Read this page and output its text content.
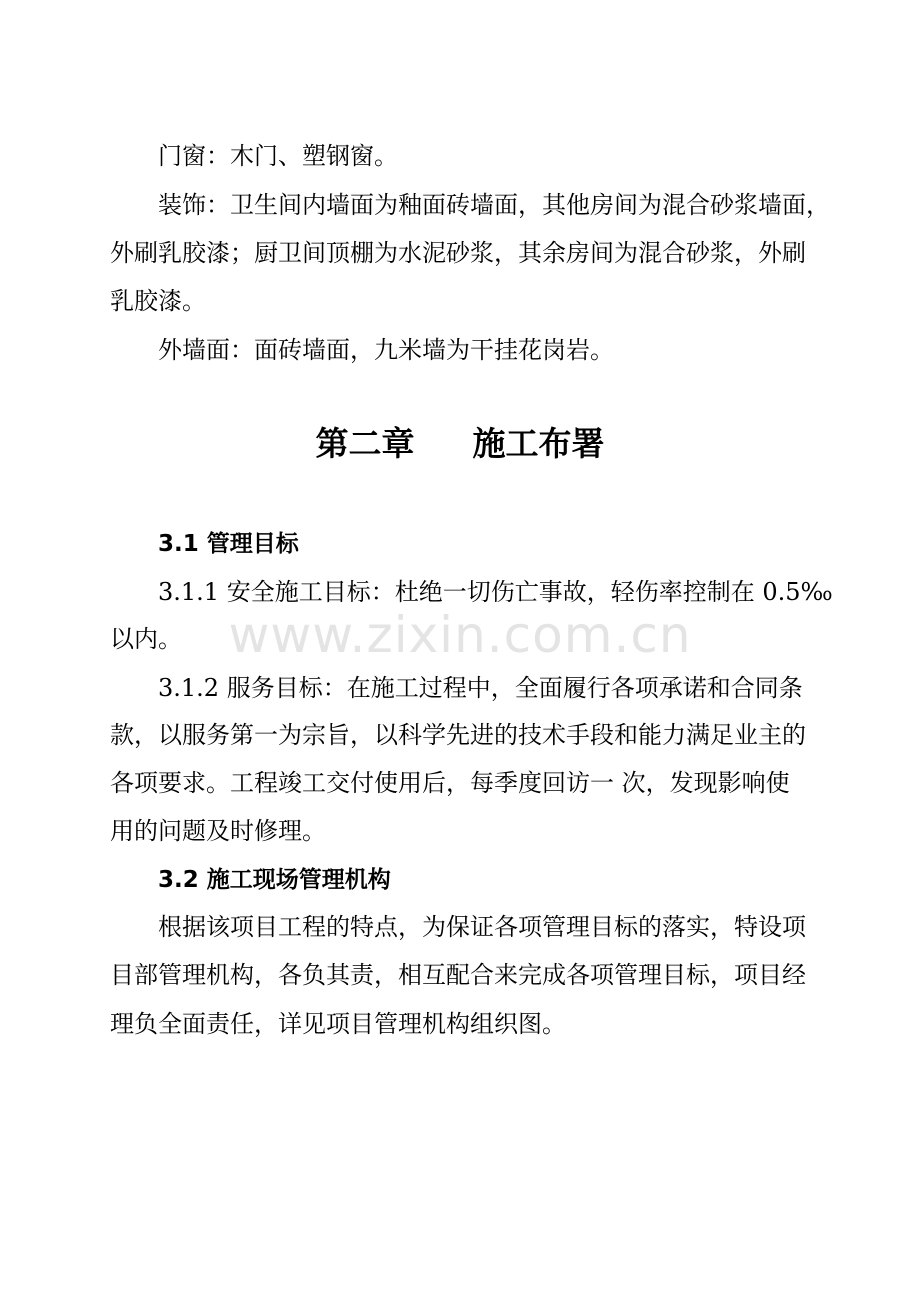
门窗：木门、塑钢窗。

装饰：卫生间内墙面为釉面砖墙面，其他房间为混合砂浆墙面，

外刷乳胶漆；厨卫间顶棚为水泥砂浆，其余房间为混合砂浆，外刷

乳胶漆。

外墙面：面砖墙面，九米墙为干挂花岗岩。

第二章 施工布署
3.1 管理目标

3.1.1 安全施工目标：杜绝一切伤亡事故，轻伤率控制在 0.5‰

以内。

3.1.2 服务目标：在施工过程中，全面履行各项承诺和合同条

款，以服务第一为宗旨，以科学先进的技术手段和能力满足业主的

各项要求。工程竣工交付使用后，每季度回访一 次，发现影响使

用的问题及时修理。

3.2 施工现场管理机构

根据该项目工程的特点，为保证各项管理目标的落实，特设项

目部管理机构，各负其责，相互配合来完成各项管理目标，项目经

理负全面责任，详见项目管理机构组织图。

www.zixin.com.cn
